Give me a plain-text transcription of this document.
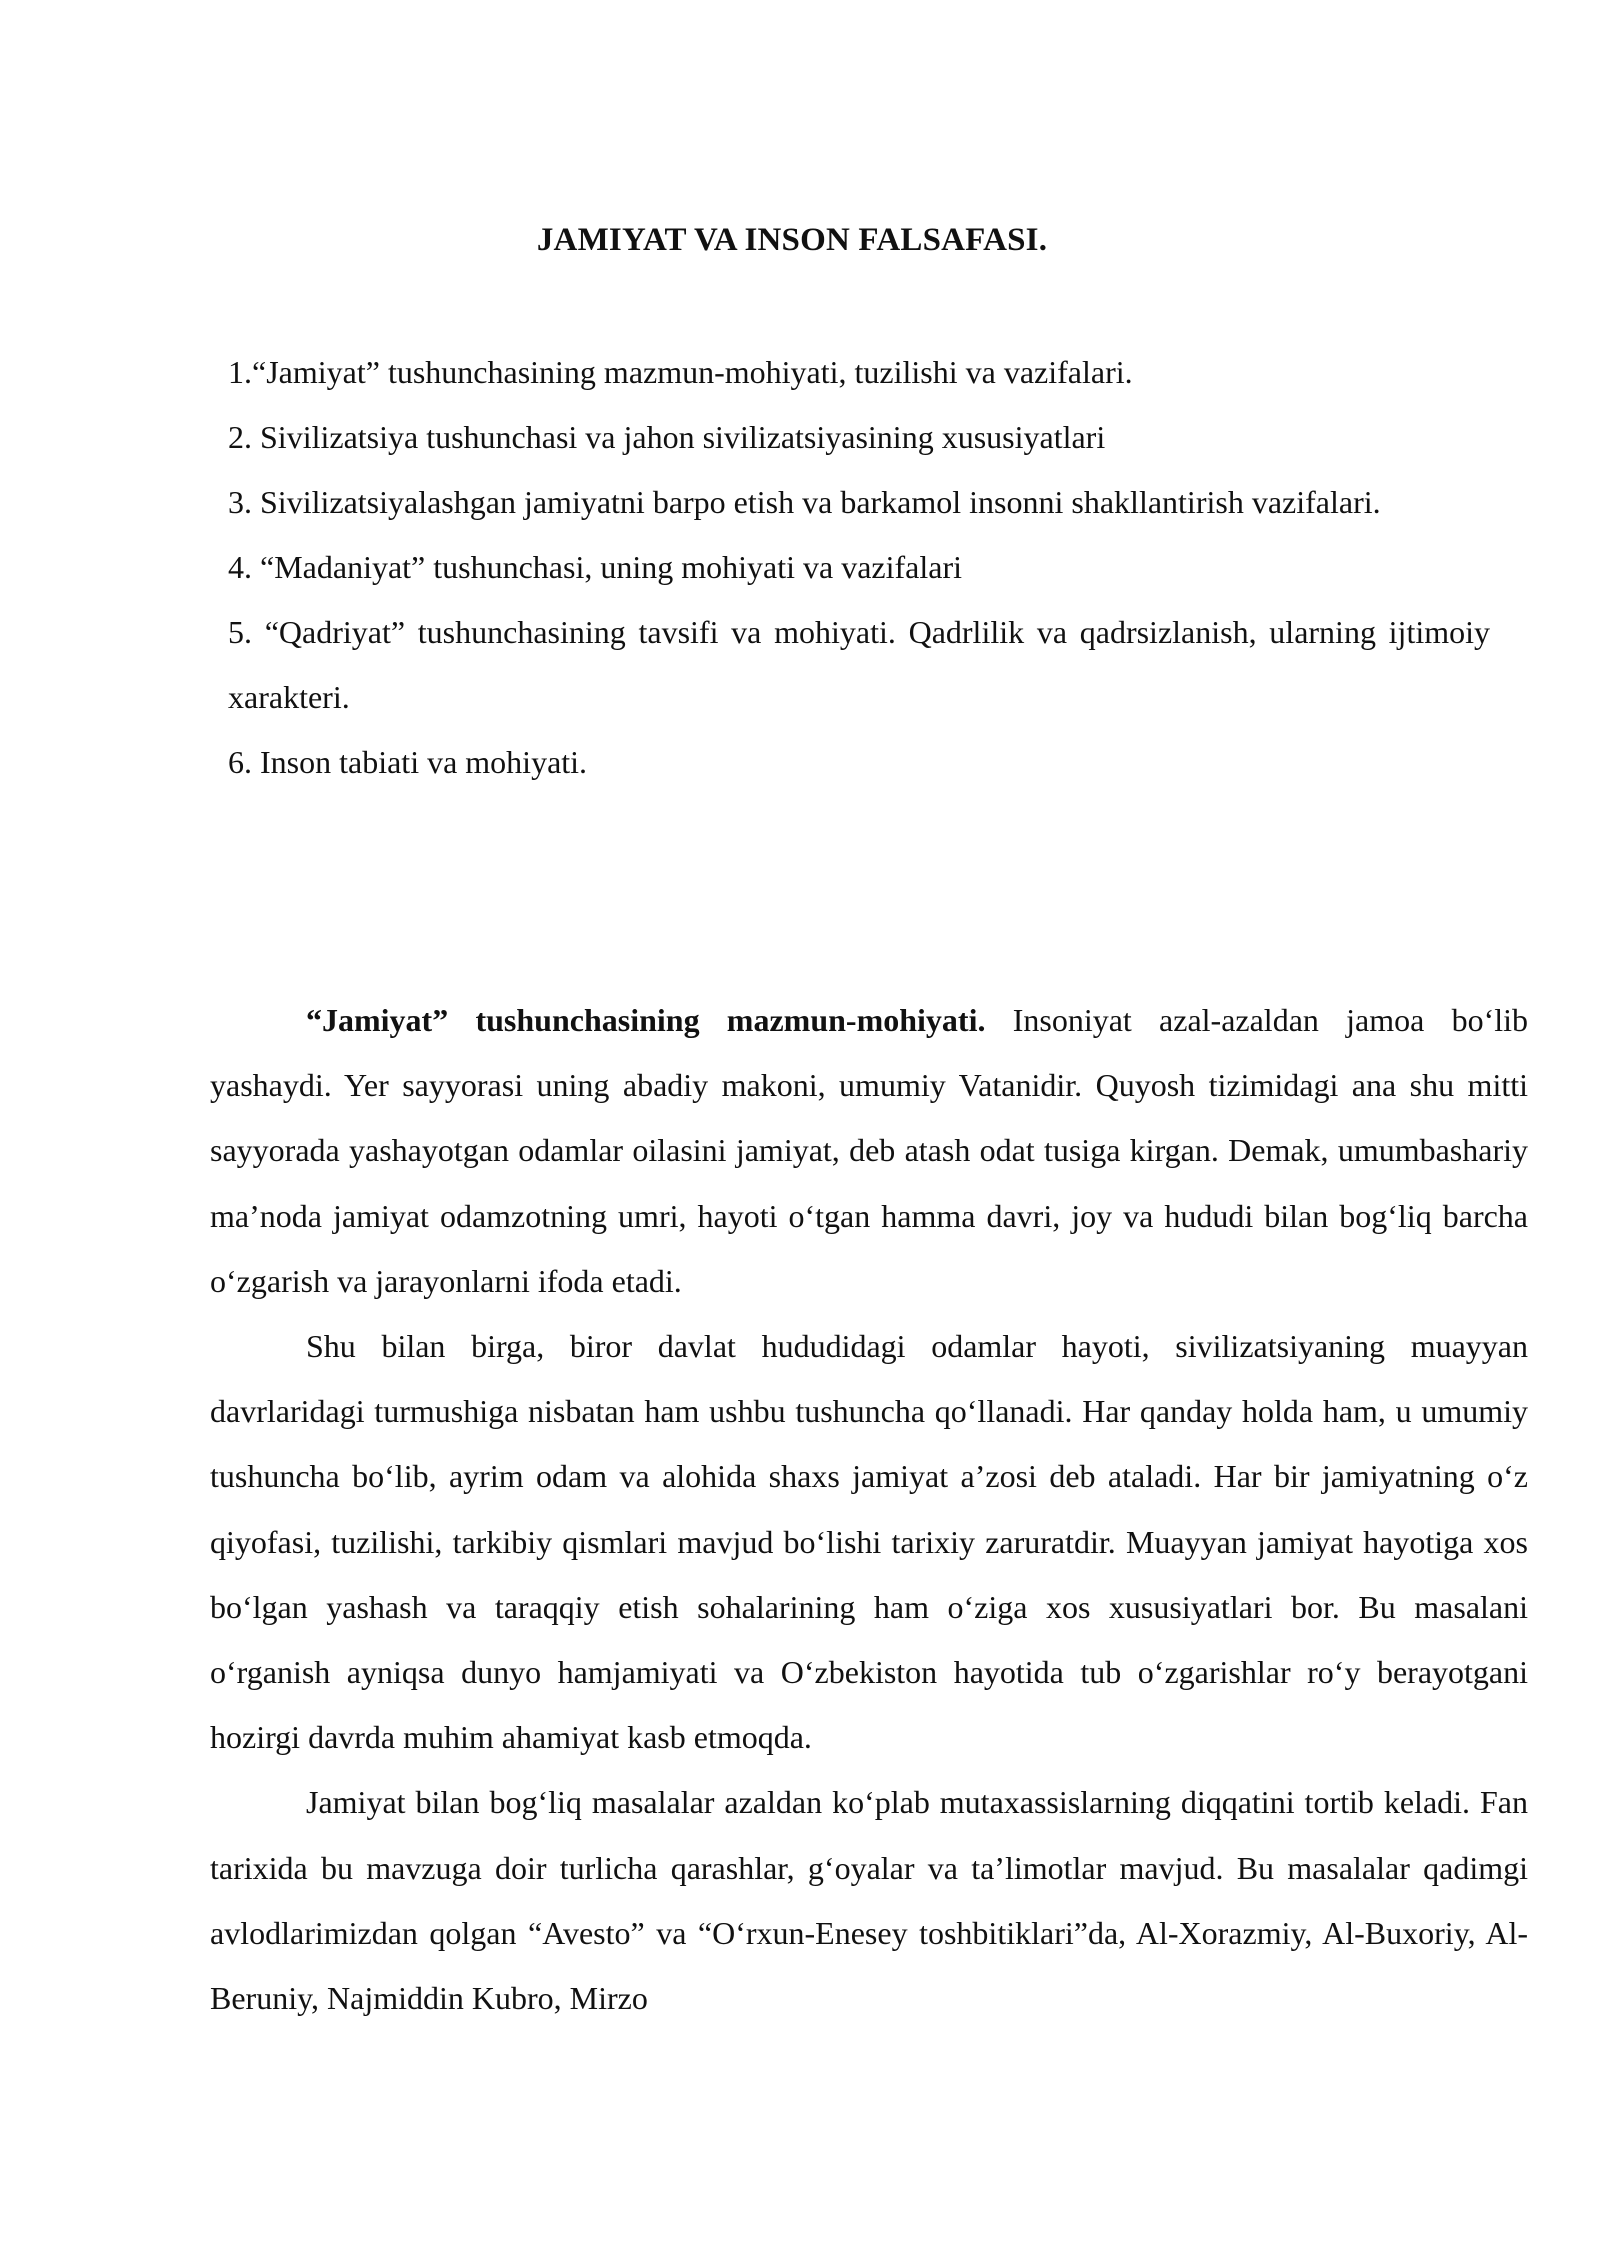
JAMIYAT VA INSON FALSAFASI.
1.“Jamiyat” tushunchasining mazmun-mohiyati, tuzilishi va vazifalari.
2. Sivilizatsiya tushunchasi va jahon sivilizatsiyasining xususiyatlari
3. Sivilizatsiyalashgan jamiyatni barpo etish va barkamol insonni shakllantirish vazifalari.
4. “Madaniyat” tushunchasi, uning mohiyati va vazifalari
5. “Qadriyat” tushunchasining tavsifi va mohiyati. Qadrlilik va qadrsizlanish, ularning ijtimoiy xarakteri.
6. Inson tabiati va mohiyati.

“Jamiyat” tushunchasining mazmun-mohiyati. Insoniyat azal-azaldan jamoa boʻlib yashaydi. Yer sayyorasi uning abadiy makoni, umumiy Vatanidir. Quyosh tizimidagi ana shu mitti sayyorada yashayotgan odamlar oilasini jamiyat, deb atash odat tusiga kirgan. Demak, umumbashariy ma’noda jamiyat odamzotning umri, hayoti oʻtgan hamma davri, joy va hududi bilan bogʻliq barcha oʻzgarish va jarayonlarni ifoda etadi.

Shu bilan birga, biror davlat hududidagi odamlar hayoti, sivilizatsiyaning muayyan davrlaridagi turmushiga nisbatan ham ushbu tushuncha qoʻllanadi. Har qanday holda ham, u umumiy tushuncha boʻlib, ayrim odam va alohida shaxs jamiyat a’zosi deb ataladi. Har bir jamiyatning oʻz qiyofasi, tuzilishi, tarkibiy qismlari mavjud boʻlishi tarixiy zaruratdir. Muayyan jamiyat hayotiga xos boʻlgan yashash va taraqqiy etish sohalarining ham oʻziga xos xususiyatlari bor. Bu masalani oʻrganish ayniqsa dunyo hamjamiyati va Oʻzbekiston hayotida tub oʻzgarishlar roʻy berayotgani hozirgi davrda muhim ahamiyat kasb etmoqda.

Jamiyat bilan bogʻliq masalalar azaldan koʻplab mutaxassislarning diqqatini tortib keladi. Fan tarixida bu mavzuga doir turlicha qarashlar, gʻoyalar va ta’limotlar mavjud. Bu masalalar qadimgi avlodlarimizdan qolgan “Avesto” va “Oʻrxun-Enesey toshbitiklari”da, Al-Xorazmiy, Al-Buxoriy, Al-Beruniy, Najmiddin Kubro, Mirzo
